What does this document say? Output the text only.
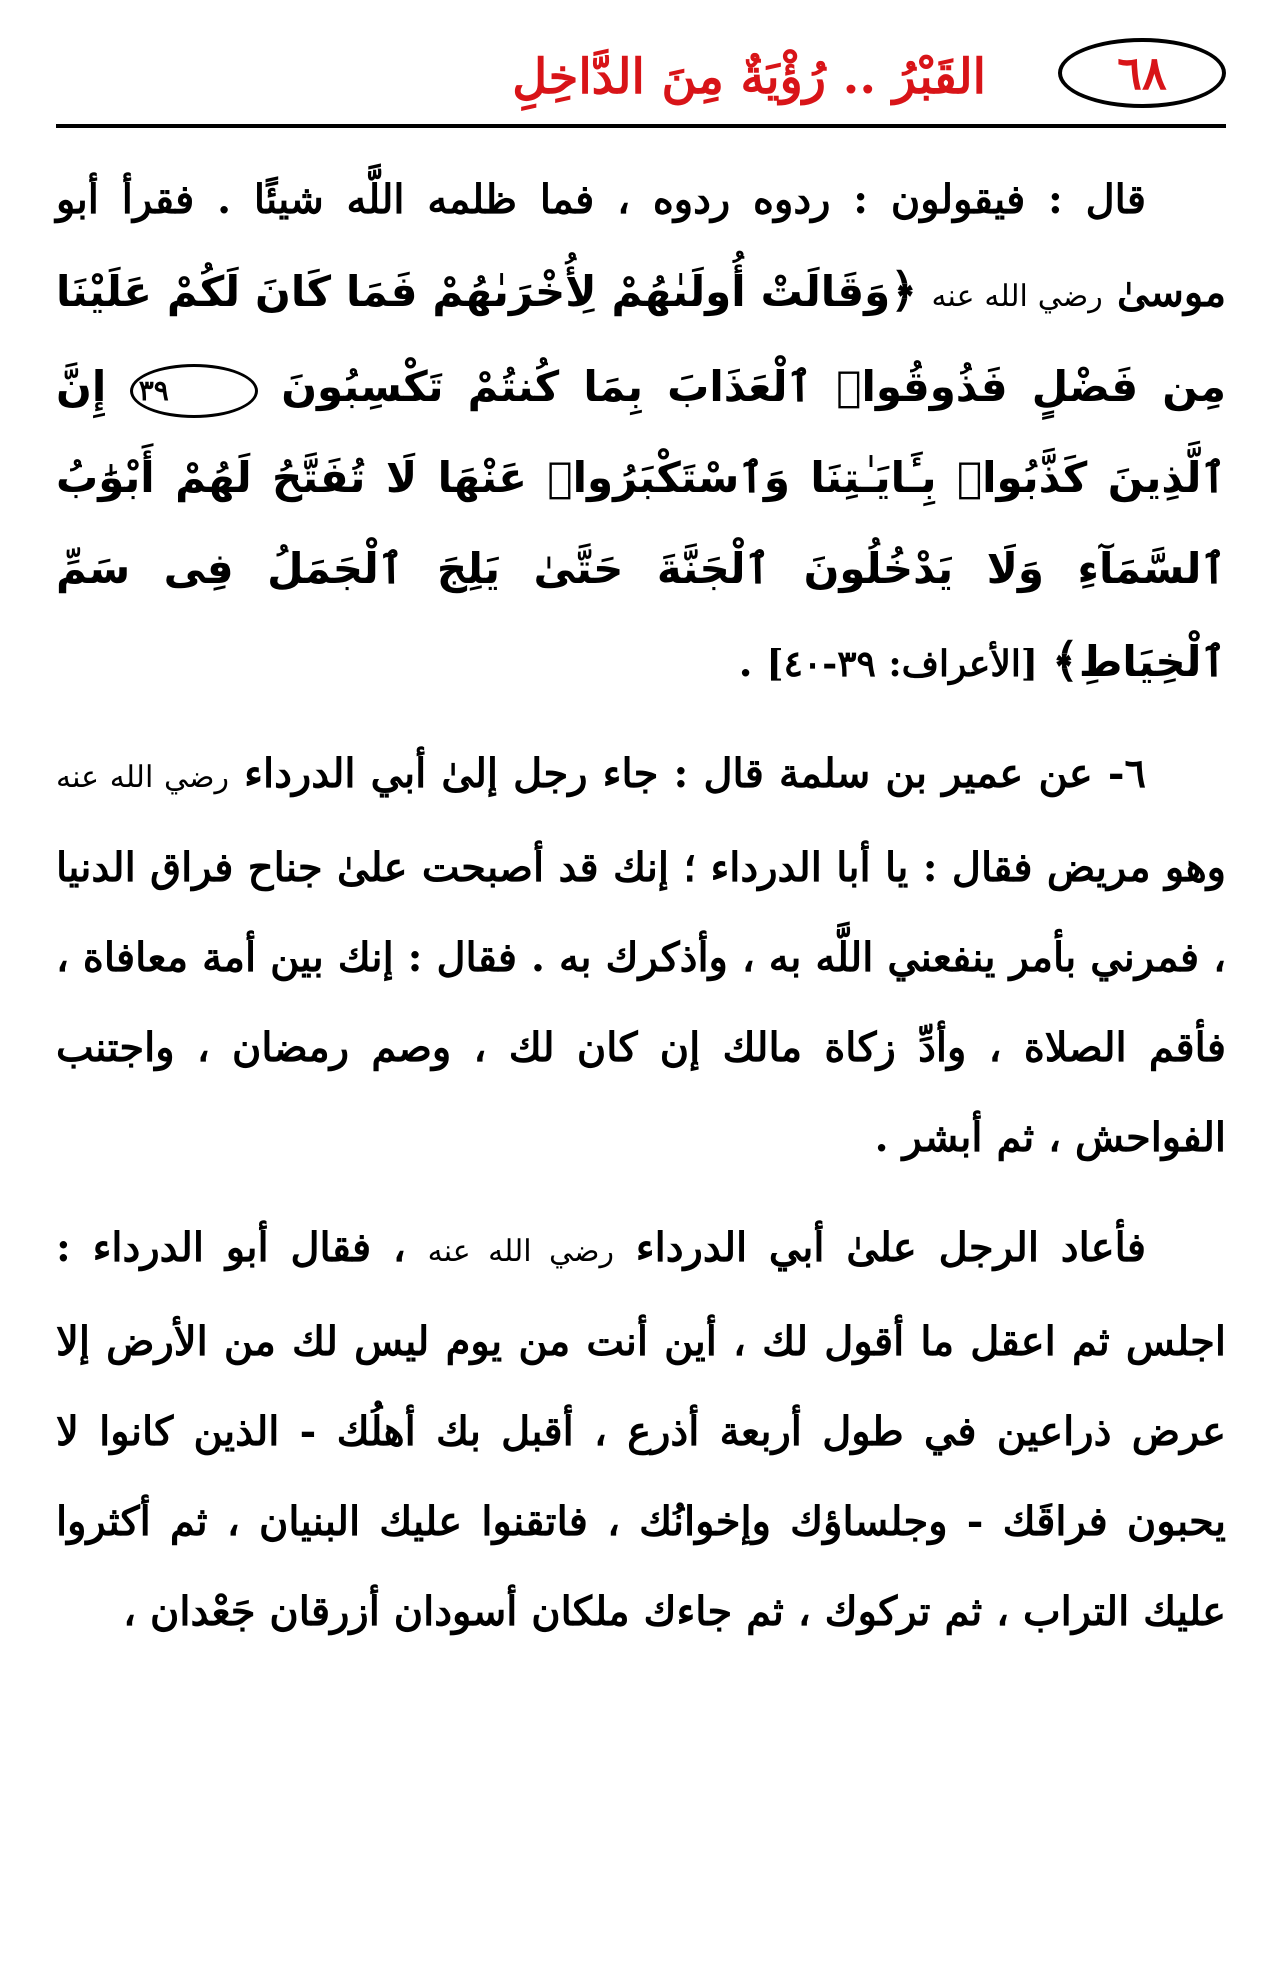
٦٨
القَبْرُ .. رُؤْيَةٌ مِنَ الدَّاخِلِ

قال : فيقولون : ردوه ردوه ، فما ظلمه اللَّه شيئًا . فقرأ أبو موسىٰ رضي الله عنه ﴿وَقَالَتْ أُولَىٰهُمْ لِأُخْرَىٰهُمْ فَمَا كَانَ لَكُمْ عَلَيْنَا مِن فَضْلٍ فَذُوقُوا۟ ٱلْعَذَابَ بِمَا كُنتُمْ تَكْسِبُونَ ٣٩ إِنَّ ٱلَّذِينَ كَذَّبُوا۟ بِـَٔايَـٰتِنَا وَٱسْتَكْبَرُوا۟ عَنْهَا لَا تُفَتَّحُ لَهُمْ أَبْوَٰبُ ٱلسَّمَآءِ وَلَا يَدْخُلُونَ ٱلْجَنَّةَ حَتَّىٰ يَلِجَ ٱلْجَمَلُ فِى سَمِّ ٱلْخِيَاطِ﴾ [الأعراف: ٣٩-٤٠] .

٦- عن عمير بن سلمة قال : جاء رجل إلىٰ أبي الدرداء رضي الله عنه وهو مريض فقال : يا أبا الدرداء ؛ إنك قد أصبحت علىٰ جناح فراق الدنيا ، فمرني بأمر ينفعني اللَّه به ، وأذكرك به . فقال : إنك بين أمة معافاة ، فأقم الصلاة ، وأدِّ زكاة مالك إن كان لك ، وصم رمضان ، واجتنب الفواحش ، ثم أبشر .

فأعاد الرجل علىٰ أبي الدرداء رضي الله عنه ، فقال أبو الدرداء : اجلس ثم اعقل ما أقول لك ، أين أنت من يوم ليس لك من الأرض إلا عرض ذراعين في طول أربعة أذرع ، أقبل بك أهلُك - الذين كانوا لا يحبون فراقَك - وجلساؤك وإخوانُك ، فاتقنوا عليك البنيان ، ثم أكثروا عليك التراب ، ثم تركوك ، ثم جاءك ملكان أسودان أزرقان جَعْدان ،
